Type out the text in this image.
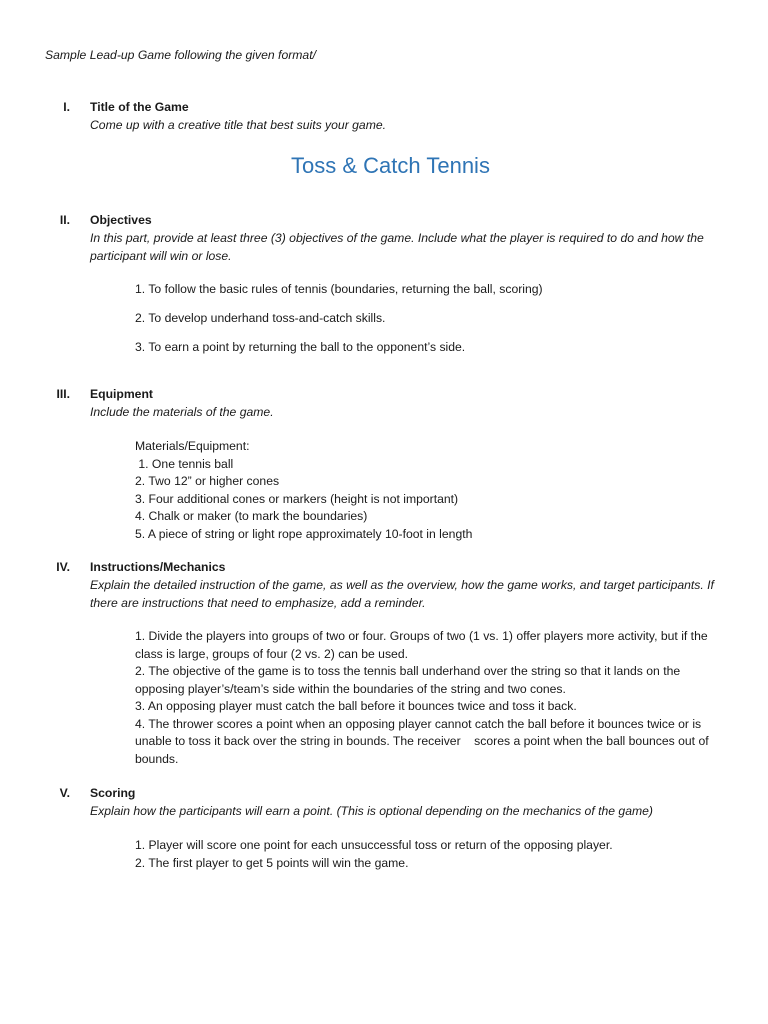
Sample Lead-up Game following the given format/
I. Title of the Game
Come up with a creative title that best suits your game.
Toss & Catch Tennis
II. Objectives
In this part, provide at least three (3) objectives of the game. Include what the player is required to do and how the participant will win or lose.

1. To follow the basic rules of tennis (boundaries, returning the ball, scoring)

2. To develop underhand toss-and-catch skills.

3. To earn a point by returning the ball to the opponent’s side.

III. Equipment
Include the materials of the game.

Materials/Equipment:

1. One tennis ball

2. Two 12” or higher cones

3. Four additional cones or markers (height is not important)

4. Chalk or maker (to mark the boundaries)

5. A piece of string or light rope approximately 10-foot in length

IV. Instructions/Mechanics
Explain the detailed instruction of the game, as well as the overview, how the game works, and target participants. If there are instructions that need to emphasize, add a reminder.

1. Divide the players into groups of two or four. Groups of two (1 vs. 1) offer players more activity, but if the class is large, groups of four (2 vs. 2) can be used.

2. The objective of the game is to toss the tennis ball underhand over the string so that it lands on the opposing player’s/team’s side within the boundaries of the string and two cones.

3. An opposing player must catch the ball before it bounces twice and toss it back.

4. The thrower scores a point when an opposing player cannot catch the ball before it bounces twice or is unable to toss it back over the string in bounds. The receiver    scores a point when the ball bounces out of bounds.

V. Scoring
Explain how the participants will earn a point. (This is optional depending on the mechanics of the game)

1. Player will score one point for each unsuccessful toss or return of the opposing player.

2. The first player to get 5 points will win the game.
